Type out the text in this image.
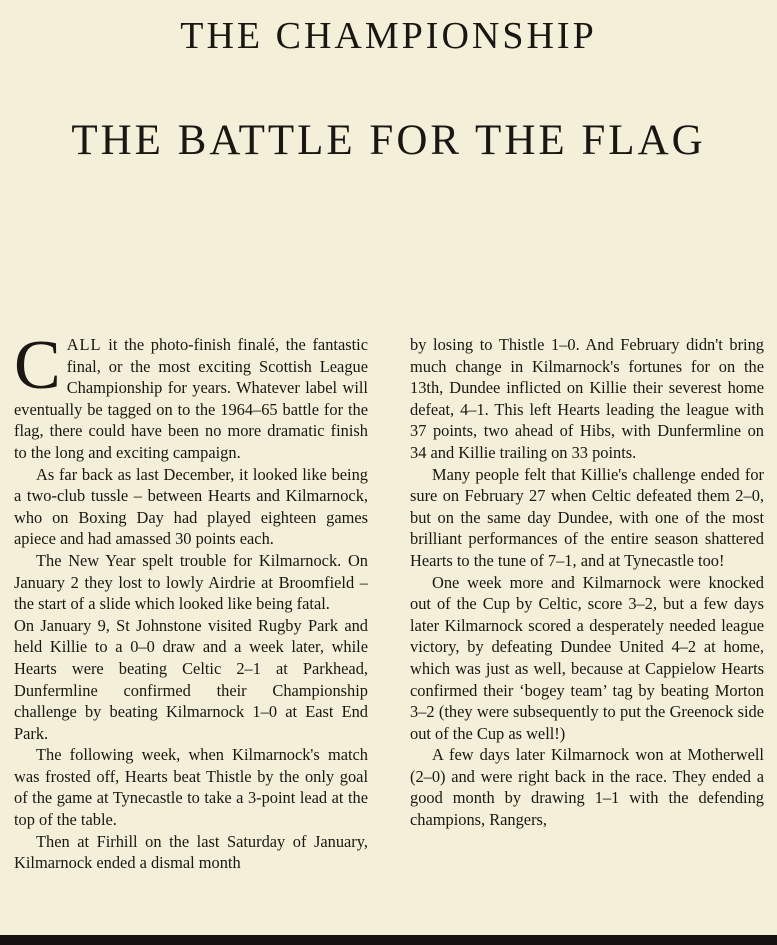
THE CHAMPIONSHIP
THE BATTLE FOR THE FLAG

CALL it the photo-finish finalé, the fantastic final, or the most exciting Scottish League Championship for years. Whatever label will eventually be tagged on to the 1964–65 battle for the flag, there could have been no more dramatic finish to the long and exciting campaign.

As far back as last December, it looked like being a two-club tussle – between Hearts and Kilmarnock, who on Boxing Day had played eighteen games apiece and had amassed 30 points each.

The New Year spelt trouble for Kilmarnock. On January 2 they lost to lowly Airdrie at Broomfield – the start of a slide which looked like being fatal.

On January 9, St Johnstone visited Rugby Park and held Killie to a 0–0 draw and a week later, while Hearts were beating Celtic 2–1 at Parkhead, Dunfermline confirmed their Championship challenge by beating Kilmarnock 1–0 at East End Park.

The following week, when Kilmarnock's match was frosted off, Hearts beat Thistle by the only goal of the game at Tynecastle to take a 3-point lead at the top of the table.

Then at Firhill on the last Saturday of January, Kilmarnock ended a dismal month

by losing to Thistle 1–0. And February didn't bring much change in Kilmarnock's fortunes for on the 13th, Dundee inflicted on Killie their severest home defeat, 4–1. This left Hearts leading the league with 37 points, two ahead of Hibs, with Dunfermline on 34 and Killie trailing on 33 points.

Many people felt that Killie's challenge ended for sure on February 27 when Celtic defeated them 2–0, but on the same day Dundee, with one of the most brilliant performances of the entire season shattered Hearts to the tune of 7–1, and at Tynecastle too!

One week more and Kilmarnock were knocked out of the Cup by Celtic, score 3–2, but a few days later Kilmarnock scored a desperately needed league victory, by defeating Dundee United 4–2 at home, which was just as well, because at Cappielow Hearts confirmed their ‘bogey team’ tag by beating Morton 3–2 (they were subsequently to put the Greenock side out of the Cup as well!)

A few days later Kilmarnock won at Motherwell (2–0) and were right back in the race. They ended a good month by drawing 1–1 with the defending champions, Rangers,
